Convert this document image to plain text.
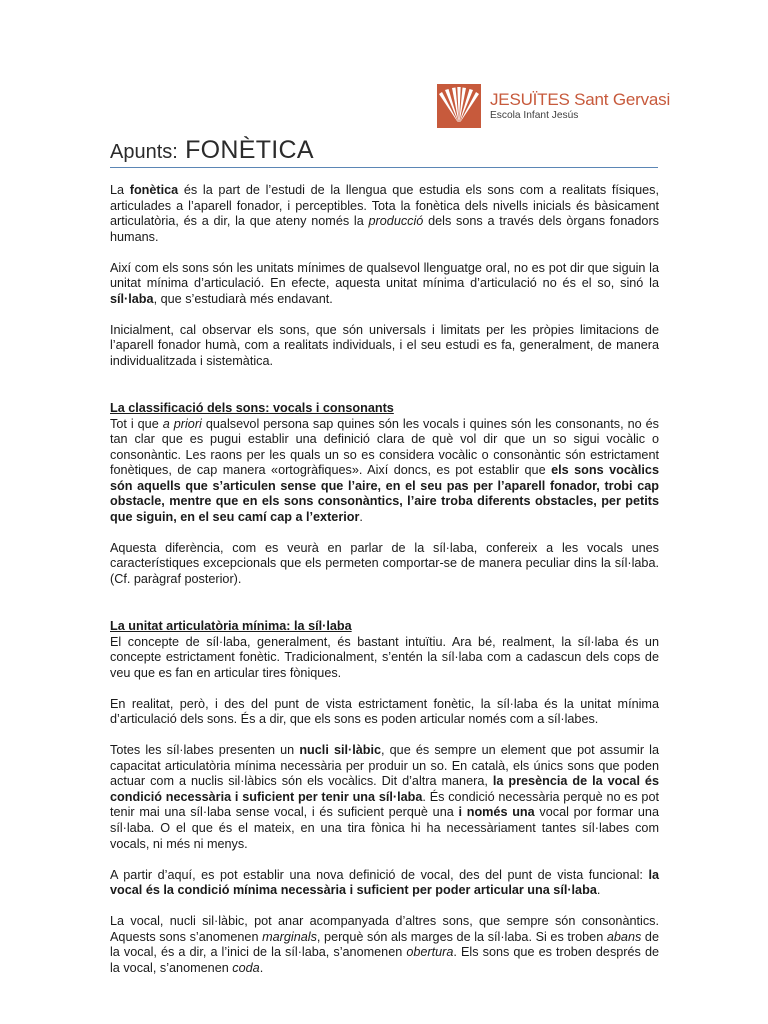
JESUÏTES Sant Gervasi
Escola Infant Jesús
Apunts: FONÈTICA

La fonètica és la part de l’estudi de la llengua que estudia els sons com a realitats físiques, articulades a l’aparell fonador, i perceptibles. Tota la fonètica dels nivells inicials és bàsicament articulatòria, és a dir, la que ateny només la producció dels sons a través dels òrgans fonadors humans.

Així com els sons són les unitats mínimes de qualsevol llenguatge oral, no es pot dir que siguin la unitat mínima d’articulació. En efecte, aquesta unitat mínima d’articulació no és el so, sinó la síl·laba, que s’estudiarà més endavant.

Inicialment, cal observar els sons, que són universals i limitats per les pròpies limitacions de l’aparell fonador humà, com a realitats individuals, i el seu estudi es fa, generalment, de manera individualitzada i sistemàtica.

La classificació dels sons: vocals i consonants

Tot i que a priori qualsevol persona sap quines són les vocals i quines són les consonants, no és tan clar que es pugui establir una definició clara de què vol dir que un so sigui vocàlic o consonàntic. Les raons per les quals un so es considera vocàlic o consonàntic són estrictament fonètiques, de cap manera «ortogràfiques». Així doncs, es pot establir que els sons vocàlics són aquells que s’articulen sense que l’aire, en el seu pas per l’aparell fonador, trobi cap obstacle, mentre que en els sons consonàntics, l’aire troba diferents obstacles, per petits que siguin, en el seu camí cap a l’exterior.

Aquesta diferència, com es veurà en parlar de la síl·laba, confereix a les vocals unes característiques excepcionals que els permeten comportar-se de manera peculiar dins la síl·laba. (Cf. paràgraf posterior).

La unitat articulatòria mínima: la síl·laba

El concepte de síl·laba, generalment, és bastant intuïtiu. Ara bé, realment, la síl·laba és un concepte estrictament fonètic. Tradicionalment, s’entén la síl·laba com a cadascun dels cops de veu que es fan en articular tires fòniques.

En realitat, però, i des del punt de vista estrictament fonètic, la síl·laba és la unitat mínima d’articulació dels sons. És a dir, que els sons es poden articular només com a síl·labes.

Totes les síl·labes presenten un nucli sil·làbic, que és sempre un element que pot assumir la capacitat articulatòria mínima necessària per produir un so. En català, els únics sons que poden actuar com a nuclis sil·làbics són els vocàlics. Dit d’altra manera, la presència de la vocal és condició necessària i suficient per tenir una síl·laba. És condició necessària perquè no es pot tenir mai una síl·laba sense vocal, i és suficient perquè una i només una vocal por formar una síl·laba. O el que és el mateix, en una tira fònica hi ha necessàriament tantes síl·labes com vocals, ni més ni menys.

A partir d’aquí, es pot establir una nova definició de vocal, des del punt de vista funcional: la vocal és la condició mínima necessària i suficient per poder articular una síl·laba.

La vocal, nucli sil·làbic, pot anar acompanyada d’altres sons, que sempre són consonàntics. Aquests sons s’anomenen marginals, perquè són als marges de la síl·laba. Si es troben abans de la vocal, és a dir, a l’inici de la síl·laba, s’anomenen obertura. Els sons que es troben després de la vocal, s’anomenen coda.
